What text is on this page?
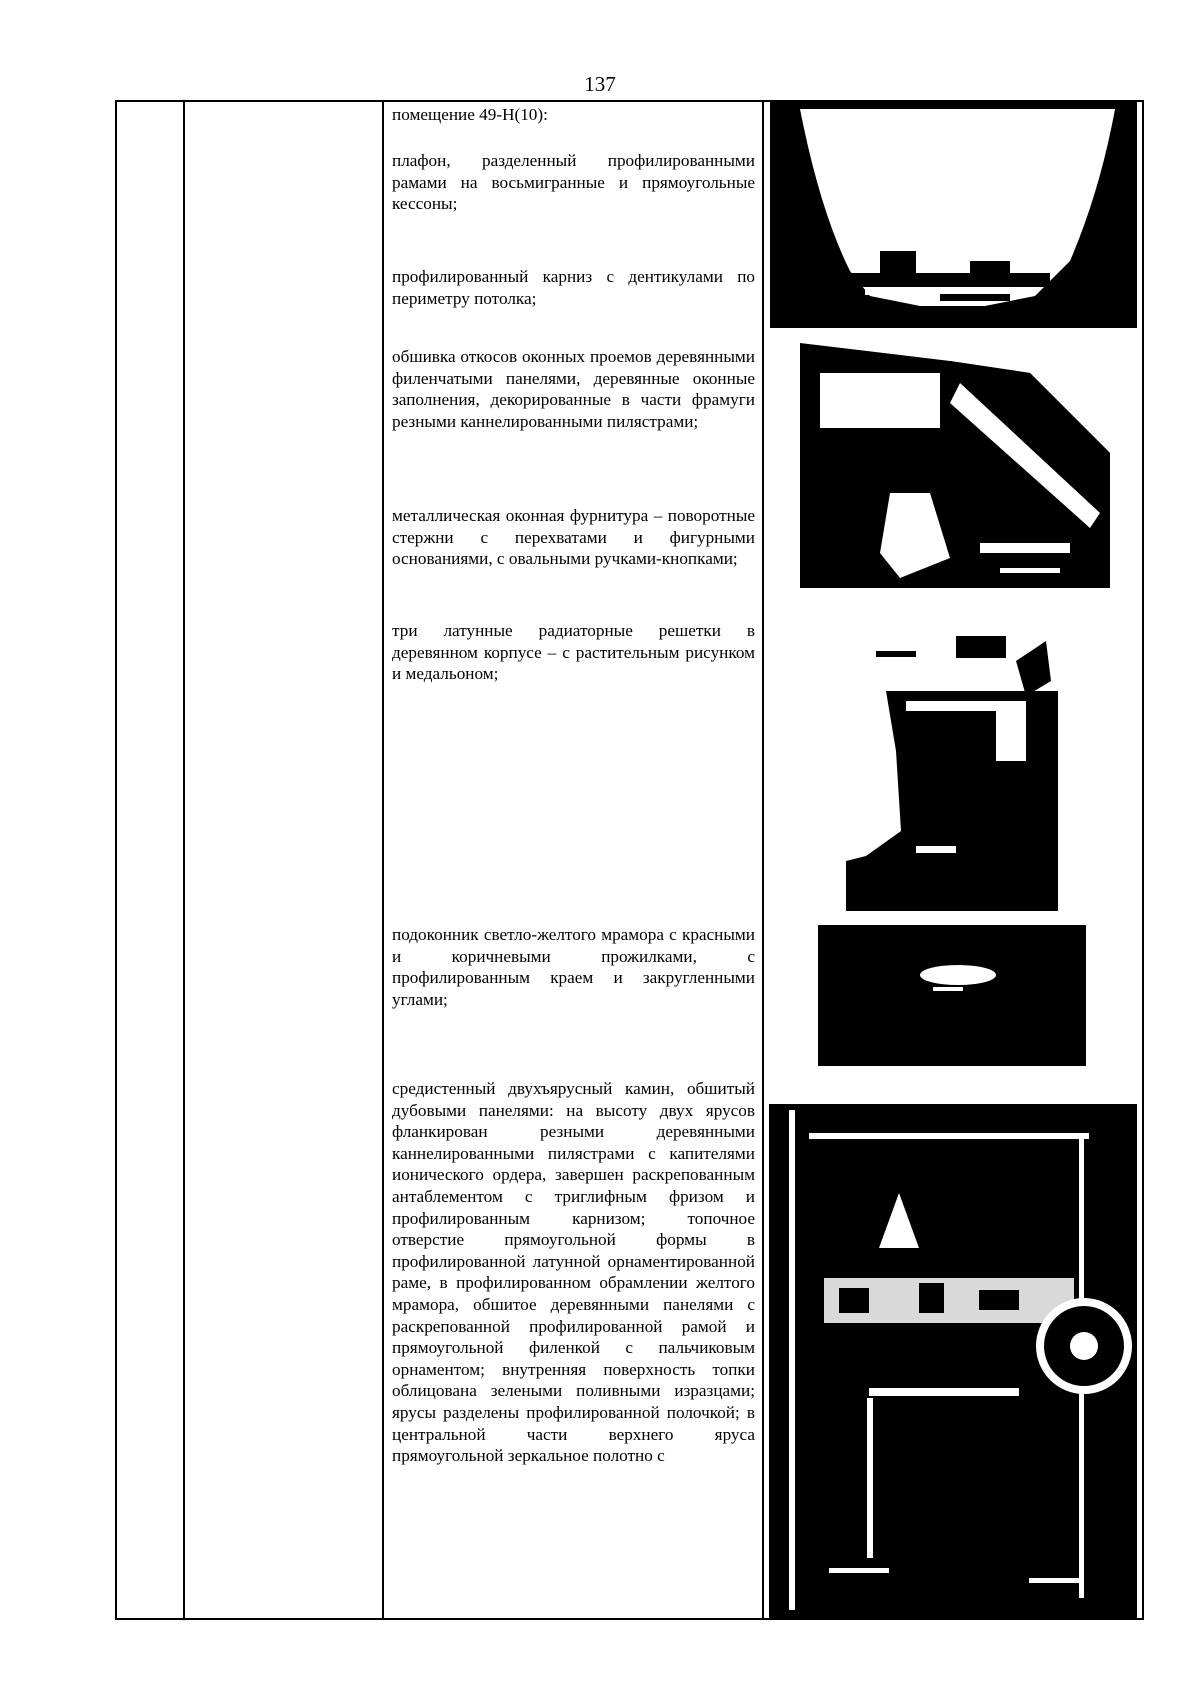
137

помещение 49-Н(10):

плафон, разделенный профилированными рамами на восьмигранные и прямоугольные кессоны;

профилированный карниз с дентикулами по периметру потолка;

обшивка откосов оконных проемов деревянными филенчатыми панелями, деревянные оконные заполнения, декорированные в части фрамуги резными каннелированными пилястрами;

металлическая оконная фурнитура – поворотные стержни с перехватами и фигурными основаниями, с овальными ручками-кнопками;

три латунные радиаторные решетки в деревянном корпусе – с растительным рисунком и медальоном;

подоконник светло-желтого мрамора с красными и коричневыми прожилками, с профилированным краем и закругленными углами;

средистенный двухъярусный камин, обшитый дубовыми панелями: на высоту двух ярусов фланкирован резными деревянными каннелированными пилястрами с капителями ионического ордера, завершен раскрепованным антаблементом с триглифным фризом и профилированным карнизом; топочное отверстие прямоугольной формы в профилированной латунной орнаментированной раме, в профилированном обрамлении желтого мрамора, обшитое деревянными панелями с раскрепованной профилированной рамой и прямоугольной филенкой с пальчиковым орнаментом; внутренняя поверхность топки облицована зелеными поливными изразцами; ярусы разделены профилированной полочкой; в центральной части верхнего яруса прямоугольной зеркальное полотно с
